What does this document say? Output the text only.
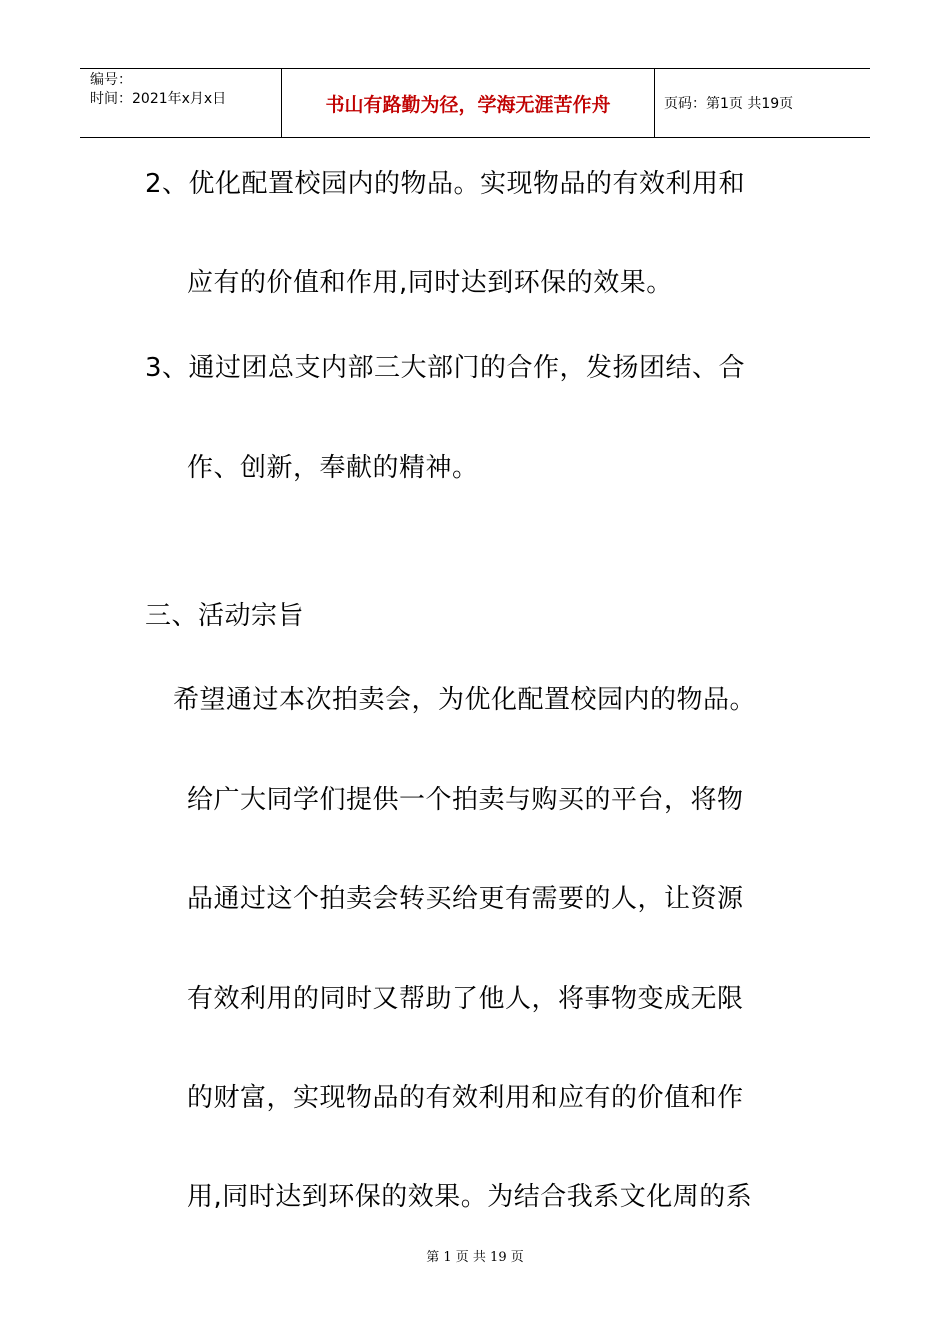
编号：
时间：2021年x月x日	书山有路勤为径，学海无涯苦作舟	页码：第1页 共19页
2、优化配置校园内的物品。实现物品的有效利用和
应有的价值和作用,同时达到环保的效果。
3、通过团总支内部三大部门的合作，发扬团结、合
作、创新，奉献的精神。
三、活动宗旨
希望通过本次拍卖会，为优化配置校园内的物品。
给广大同学们提供一个拍卖与购买的平台，将物
品通过这个拍卖会转买给更有需要的人，让资源
有效利用的同时又帮助了他人，将事物变成无限
的财富，实现物品的有效利用和应有的价值和作
用,同时达到环保的效果。为结合我系文化周的系
第 1 页 共 19 页
